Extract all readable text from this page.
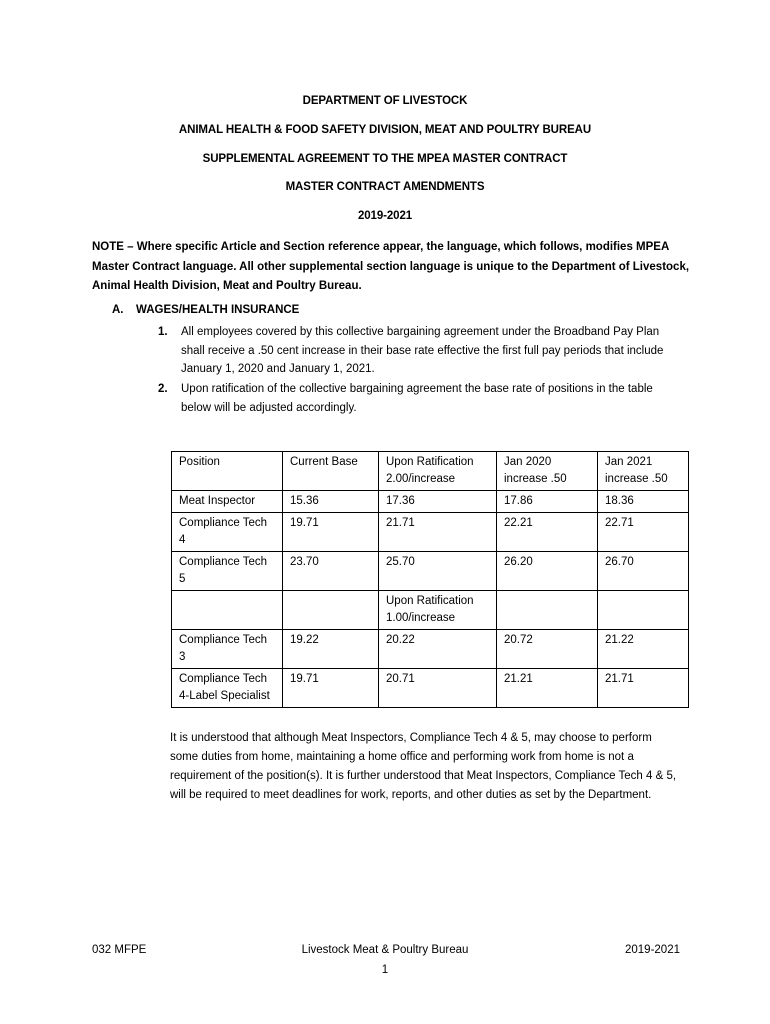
DEPARTMENT OF LIVESTOCK
ANIMAL HEALTH & FOOD SAFETY DIVISION, MEAT AND POULTRY BUREAU
SUPPLEMENTAL AGREEMENT TO THE MPEA MASTER CONTRACT
MASTER CONTRACT AMENDMENTS
2019-2021
NOTE – Where specific Article and Section reference appear, the language, which follows, modifies MPEA Master Contract language. All other supplemental section language is unique to the Department of Livestock, Animal Health Division, Meat and Poultry Bureau.
A. WAGES/HEALTH INSURANCE
1. All employees covered by this collective bargaining agreement under the Broadband Pay Plan shall receive a .50 cent increase in their base rate effective the first full pay periods that include January 1, 2020 and January 1, 2021.
2. Upon ratification of the collective bargaining agreement the base rate of positions in the table below will be adjusted accordingly.
Position	Current Base	Upon Ratification 2.00/increase	Jan 2020 increase .50	Jan 2021 increase .50
Meat Inspector	15.36	17.36	17.86	18.36
Compliance Tech 4	19.71	21.71	22.21	22.71
Compliance Tech 5	23.70	25.70	26.20	26.70
		Upon Ratification 1.00/increase		
Compliance Tech 3	19.22	20.22	20.72	21.22
Compliance Tech 4-Label Specialist	19.71	20.71	21.21	21.71
It is understood that although Meat Inspectors, Compliance Tech 4 & 5, may choose to perform some duties from home, maintaining a home office and performing work from home is not a requirement of the position(s). It is further understood that Meat Inspectors, Compliance Tech 4 & 5, will be required to meet deadlines for work, reports, and other duties as set by the Department.
032 MFPE	Livestock Meat & Poultry Bureau	2019-2021
1
